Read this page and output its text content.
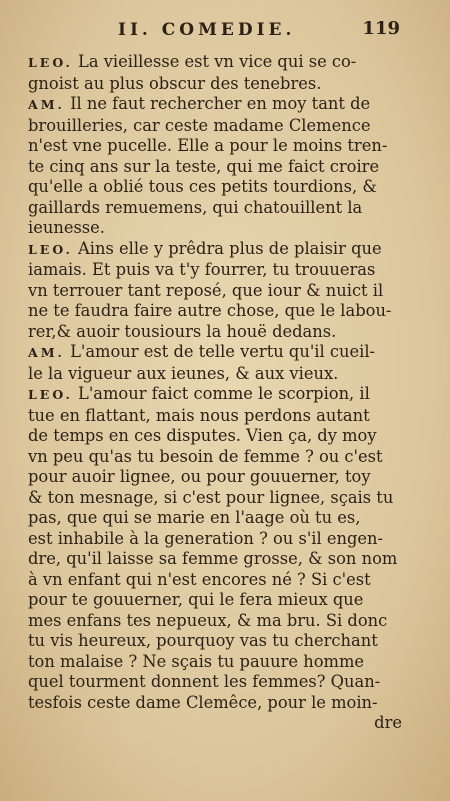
II. COMEDIE.	119
LEO. La vieillesse est vn vice qui se co-
gnoist au plus obscur des tenebres.
AM. Il ne faut rechercher en moy tant de
brouilleries, car ceste madame Clemence
n'est vne pucelle. Elle a pour le moins tren-
te cinq ans sur la teste, qui me faict croire
qu'elle a oblié tous ces petits tourdions, &
gaillards remuemens, qui chatouillent la
ieunesse.
LEO. Ains elle y prêdra plus de plaisir que
iamais. Et puis va t'y fourrer, tu trouueras
vn terrouer tant reposé, que iour & nuict il
ne te faudra faire autre chose, que le labou-
rer,& auoir tousiours la houë dedans.
AM. L'amour est de telle vertu qu'il cueil-
le la vigueur aux ieunes, & aux vieux.
LEO. L'amour faict comme le scorpion, il
tue en flattant, mais nous perdons autant
de temps en ces disputes. Vien ça, dy moy
vn peu qu'as tu besoin de femme ? ou c'est
pour auoir lignee, ou pour gouuerner, toy
& ton mesnage, si c'est pour lignee, sçais tu
pas, que qui se marie en l'aage où tu es,
est inhabile à la generation ? ou s'il engen-
dre, qu'il laisse sa femme grosse, & son nom
à vn enfant qui n'est encores né ? Si c'est
pour te gouuerner, qui le fera mieux que
mes enfans tes nepueux, & ma bru. Si donc
tu vis heureux, pourquoy vas tu cherchant
ton malaise ? Ne sçais tu pauure homme
quel tourment donnent les femmes? Quan-
tesfois ceste dame Clemêce, pour le moin-
dre
